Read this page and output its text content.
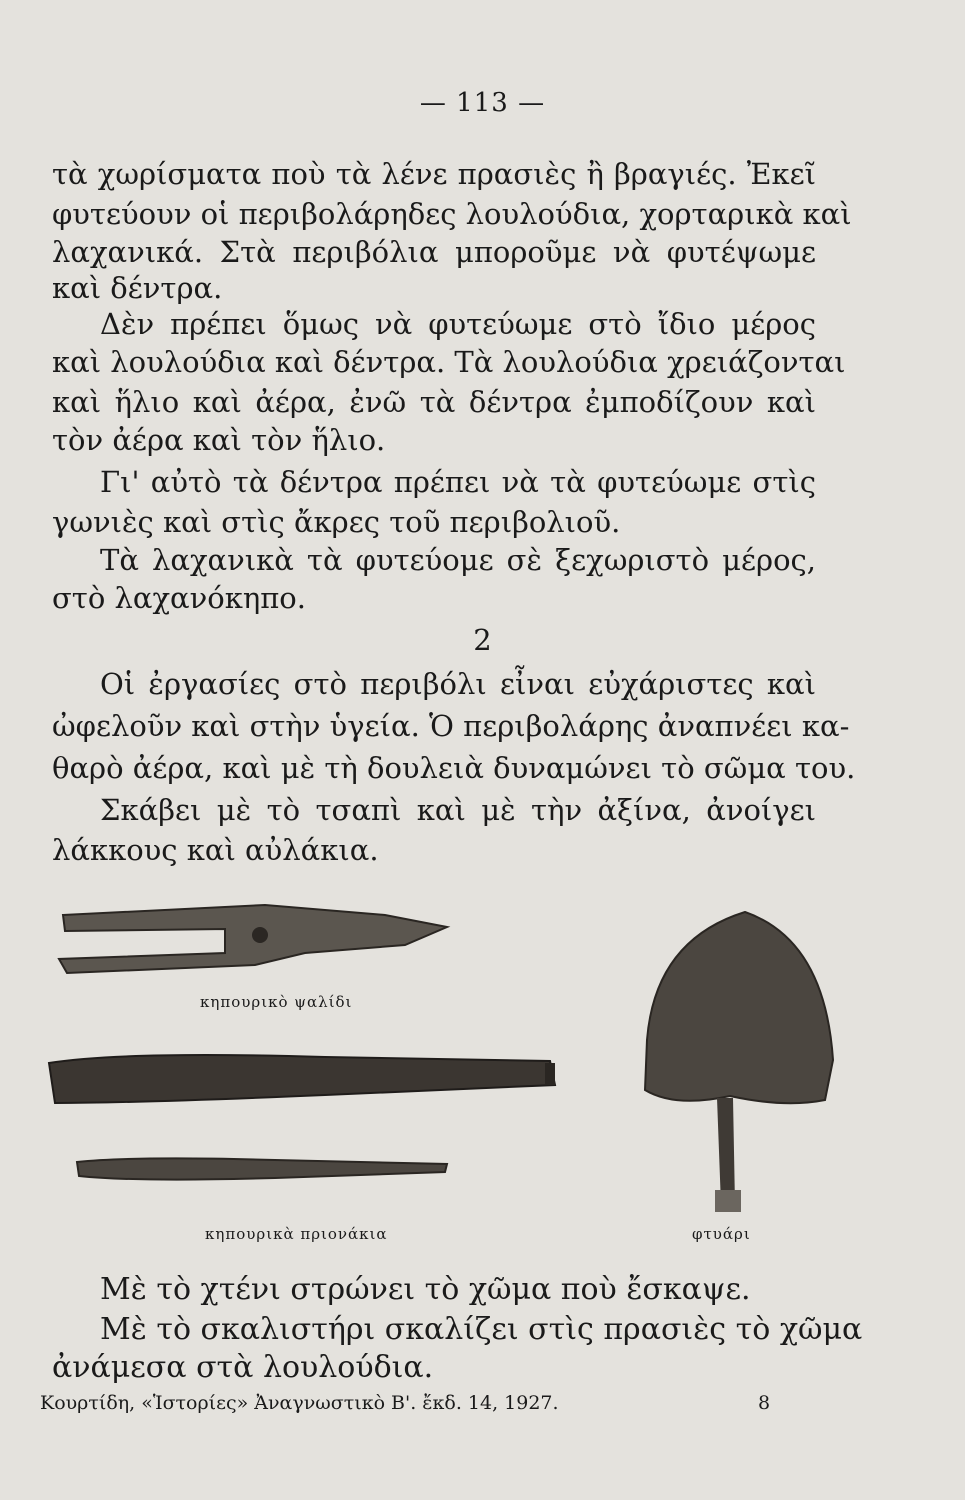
— 113 —
τὰ χωρίσματα ποὺ τὰ λένε πρασιὲς ἢ βραγιές. Ἐκεῖ
φυτεύουν οἱ περιβολάρηδες λουλούδια, χορταρικὰ καὶ
λαχανικά. Στὰ περιβόλια μποροῦμε νὰ φυτέψωμε
καὶ δέντρα.
Δὲν πρέπει ὅμως νὰ φυτεύωμε στὸ ἴδιο μέρος
καὶ λουλούδια καὶ δέντρα. Τὰ λουλούδια χρειάζονται
καὶ ἥλιο καὶ ἀέρα, ἐνῶ τὰ δέντρα ἐμποδίζουν καὶ
τὸν ἀέρα καὶ τὸν ἥλιο.
Γι' αὐτὸ τὰ δέντρα πρέπει νὰ τὰ φυτεύωμε στὶς
γωνιὲς καὶ στὶς ἄκρες τοῦ περιβολιοῦ.
Τὰ λαχανικὰ τὰ φυτεύομε σὲ ξεχωριστὸ μέρος,
στὸ λαχανόκηπο.
2
Οἱ ἐργασίες στὸ περιβόλι εἶναι εὐχάριστες καὶ
ὠφελοῦν καὶ στὴν ὑγεία. Ὁ περιβολάρης ἀναπνέει κα-
θαρὸ ἀέρα, καὶ μὲ τὴ δουλειὰ δυναμώνει τὸ σῶμα του.
Σκάβει μὲ τὸ τσαπὶ καὶ μὲ τὴν ἀξίνα, ἀνοίγει
λάκκους καὶ αὐλάκια.
κηπουρικὸ ψαλίδι
κηπουρικὰ πριονάκια	φτυάρι
Μὲ τὸ χτένι στρώνει τὸ χῶμα ποὺ ἔσκαψε.
Μὲ τὸ σκαλιστήρι σκαλίζει στὶς πρασιὲς τὸ χῶμα
ἀνάμεσα στὰ λουλούδια.
Κουρτίδη, «Ἱστορίες» Ἀναγνωστικὸ Β'. ἔκδ. 14, 1927.	8
